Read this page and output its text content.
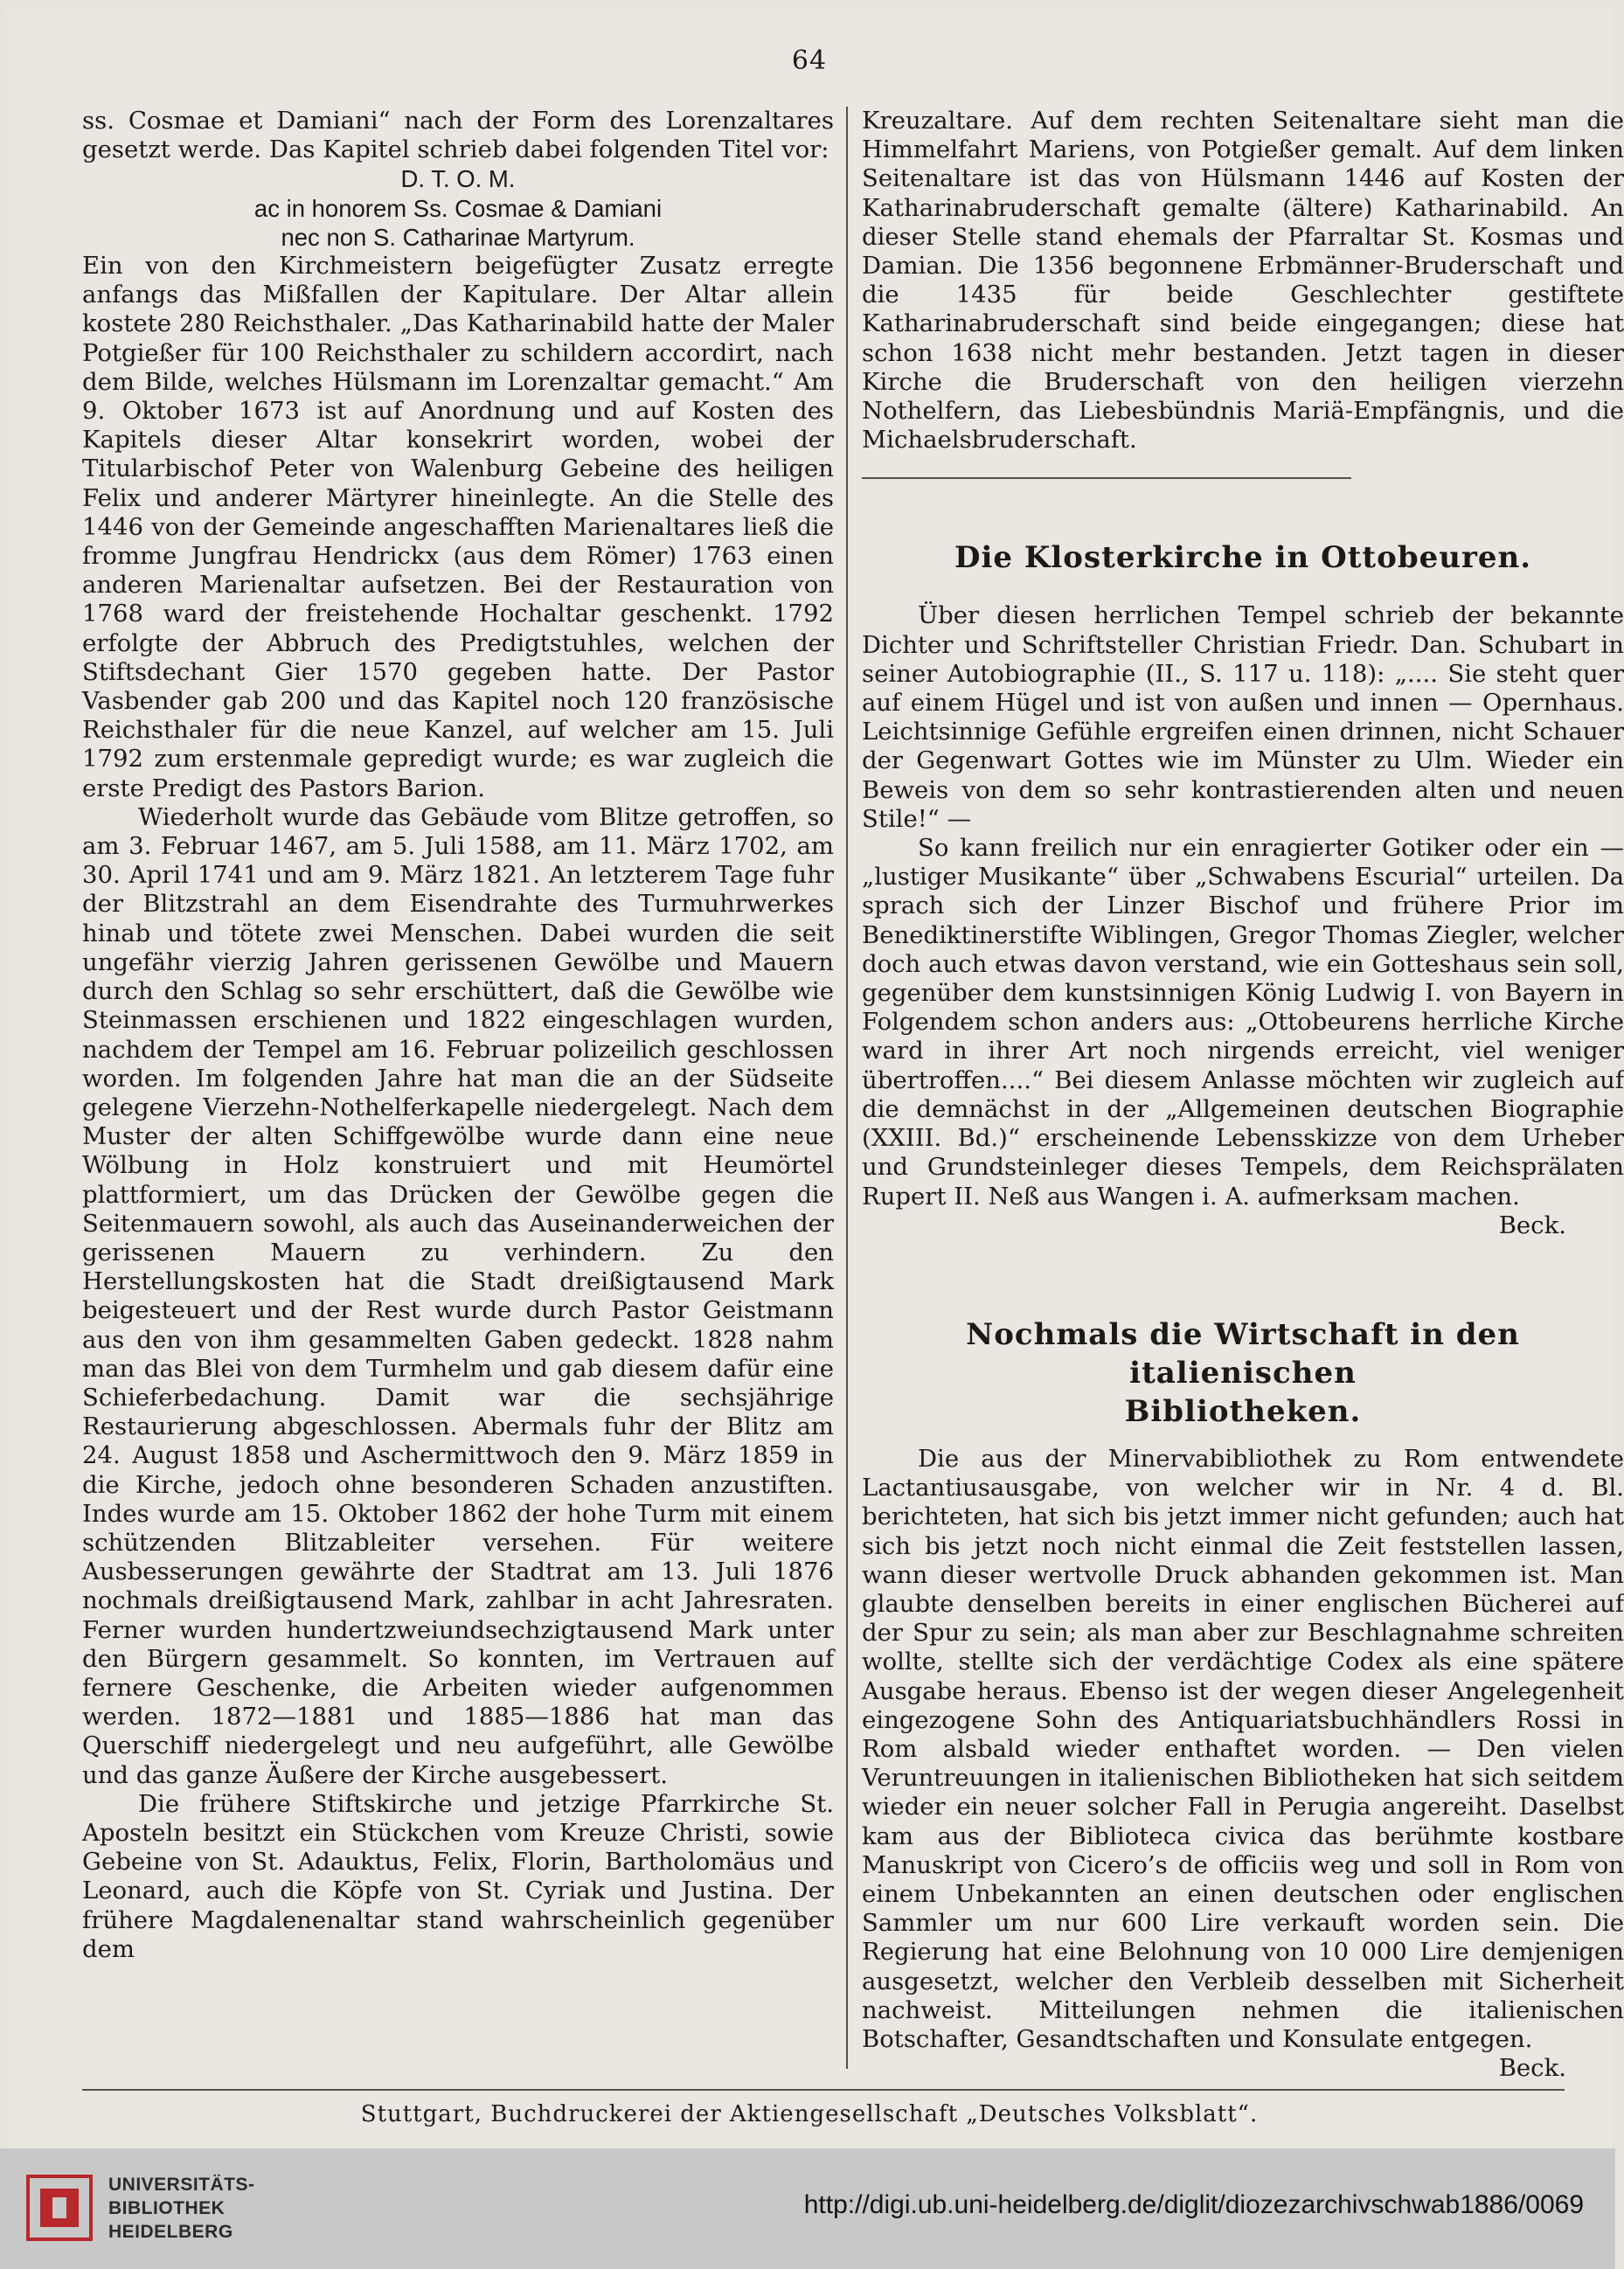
64

ss. Cosmae et Damiani“ nach der Form des Lorenzaltares gesetzt werde. Das Kapitel schrieb dabei folgenden Titel vor:

D. T. O. M.

ac in honorem Ss. Cosmae & Damiani

nec non S. Catharinae Martyrum.

Ein von den Kirchmeistern beigefügter Zusatz erregte anfangs das Mißfallen der Kapitulare. Der Altar allein kostete 280 Reichsthaler. „Das Katharinabild hatte der Maler Potgießer für 100 Reichsthaler zu schildern accordirt, nach dem Bilde, welches Hülsmann im Lorenzaltar gemacht.“ Am 9. Oktober 1673 ist auf Anordnung und auf Kosten des Kapitels dieser Altar konsekrirt worden, wobei der Titularbischof Peter von Walenburg Gebeine des heiligen Felix und anderer Märtyrer hineinlegte. An die Stelle des 1446 von der Gemeinde angeschafften Marienaltares ließ die fromme Jungfrau Hendrickx (aus dem Römer) 1763 einen anderen Marienaltar aufsetzen. Bei der Restauration von 1768 ward der freistehende Hochaltar geschenkt. 1792 erfolgte der Abbruch des Predigtstuhles, welchen der Stiftsdechant Gier 1570 gegeben hatte. Der Pastor Vasbender gab 200 und das Kapitel noch 120 französische Reichsthaler für die neue Kanzel, auf welcher am 15. Juli 1792 zum erstenmale gepredigt wurde; es war zugleich die erste Predigt des Pastors Barion.

Wiederholt wurde das Gebäude vom Blitze getroffen, so am 3. Februar 1467, am 5. Juli 1588, am 11. März 1702, am 30. April 1741 und am 9. März 1821. An letzterem Tage fuhr der Blitzstrahl an dem Eisendrahte des Turmuhrwerkes hinab und tötete zwei Menschen. Dabei wurden die seit ungefähr vierzig Jahren gerissenen Gewölbe und Mauern durch den Schlag so sehr erschüttert, daß die Gewölbe wie Steinmassen erschienen und 1822 eingeschlagen wurden, nachdem der Tempel am 16. Februar polizeilich geschlossen worden. Im folgenden Jahre hat man die an der Südseite gelegene Vierzehn-Nothelferkapelle niedergelegt. Nach dem Muster der alten Schiffgewölbe wurde dann eine neue Wölbung in Holz konstruiert und mit Heumörtel plattformiert, um das Drücken der Gewölbe gegen die Seitenmauern sowohl, als auch das Auseinanderweichen der gerissenen Mauern zu verhindern. Zu den Herstellungskosten hat die Stadt dreißigtausend Mark beigesteuert und der Rest wurde durch Pastor Geistmann aus den von ihm gesammelten Gaben gedeckt. 1828 nahm man das Blei von dem Turmhelm und gab diesem dafür eine Schieferbedachung. Damit war die sechsjährige Restaurierung abgeschlossen. Abermals fuhr der Blitz am 24. August 1858 und Aschermittwoch den 9. März 1859 in die Kirche, jedoch ohne besonderen Schaden anzustiften. Indes wurde am 15. Oktober 1862 der hohe Turm mit einem schützenden Blitzableiter versehen. Für weitere Ausbesserungen gewährte der Stadtrat am 13. Juli 1876 nochmals dreißigtausend Mark, zahlbar in acht Jahresraten. Ferner wurden hundertzweiundsechzigtausend Mark unter den Bürgern gesammelt. So konnten, im Vertrauen auf fernere Geschenke, die Arbeiten wieder aufgenommen werden. 1872—1881 und 1885—1886 hat man das Querschiff niedergelegt und neu aufgeführt, alle Gewölbe und das ganze Äußere der Kirche ausgebessert.

Die frühere Stiftskirche und jetzige Pfarrkirche St. Aposteln besitzt ein Stückchen vom Kreuze Christi, sowie Gebeine von St. Adauktus, Felix, Florin, Bartholomäus und Leonard, auch die Köpfe von St. Cyriak und Justina. Der frühere Magdalenenaltar stand wahrscheinlich gegenüber dem

Kreuzaltare. Auf dem rechten Seitenaltare sieht man die Himmelfahrt Mariens, von Potgießer gemalt. Auf dem linken Seitenaltare ist das von Hülsmann 1446 auf Kosten der Katharinabruderschaft gemalte (ältere) Katharinabild. An dieser Stelle stand ehemals der Pfarraltar St. Kosmas und Damian. Die 1356 begonnene Erbmänner-Bruderschaft und die 1435 für beide Geschlechter gestiftete Katharinabruderschaft sind beide eingegangen; diese hat schon 1638 nicht mehr bestanden. Jetzt tagen in dieser Kirche die Bruderschaft von den heiligen vierzehn Nothelfern, das Liebesbündnis Mariä-Empfängnis, und die Michaelsbruderschaft.

Die Klosterkirche in Ottobeuren.

Über diesen herrlichen Tempel schrieb der bekannte Dichter und Schriftsteller Christian Friedr. Dan. Schubart in seiner Autobiographie (II., S. 117 u. 118): „.... Sie steht quer auf einem Hügel und ist von außen und innen — Opernhaus. Leichtsinnige Gefühle ergreifen einen drinnen, nicht Schauer der Gegenwart Gottes wie im Münster zu Ulm. Wieder ein Beweis von dem so sehr kontrastierenden alten und neuen Stile!“ —

So kann freilich nur ein enragierter Gotiker oder ein — „lustiger Musikante“ über „Schwabens Escurial“ urteilen. Da sprach sich der Linzer Bischof und frühere Prior im Benediktinerstifte Wiblingen, Gregor Thomas Ziegler, welcher doch auch etwas davon verstand, wie ein Gotteshaus sein soll, gegenüber dem kunstsinnigen König Ludwig I. von Bayern in Folgendem schon anders aus: „Ottobeurens herrliche Kirche ward in ihrer Art noch nirgends erreicht, viel weniger übertroffen....“ Bei diesem Anlasse möchten wir zugleich auf die demnächst in der „Allgemeinen deutschen Biographie (XXIII. Bd.)“ erscheinende Lebensskizze von dem Urheber und Grundsteinleger dieses Tempels, dem Reichsprälaten Rupert II. Neß aus Wangen i. A. aufmerksam machen.

Beck.

Nochmals die Wirtschaft in den italienischen
Bibliotheken.

Die aus der Minervabibliothek zu Rom entwendete Lactantiusausgabe, von welcher wir in Nr. 4 d. Bl. berichteten, hat sich bis jetzt immer nicht gefunden; auch hat sich bis jetzt noch nicht einmal die Zeit feststellen lassen, wann dieser wertvolle Druck abhanden gekommen ist. Man glaubte denselben bereits in einer englischen Bücherei auf der Spur zu sein; als man aber zur Beschlagnahme schreiten wollte, stellte sich der verdächtige Codex als eine spätere Ausgabe heraus. Ebenso ist der wegen dieser Angelegenheit eingezogene Sohn des Antiquariatsbuchhändlers Rossi in Rom alsbald wieder enthaftet worden. — Den vielen Veruntreuungen in italienischen Bibliotheken hat sich seitdem wieder ein neuer solcher Fall in Perugia angereiht. Daselbst kam aus der Biblioteca civica das berühmte kostbare Manuskript von Cicero’s de officiis weg und soll in Rom von einem Unbekannten an einen deutschen oder englischen Sammler um nur 600 Lire verkauft worden sein. Die Regierung hat eine Belohnung von 10 000 Lire demjenigen ausgesetzt, welcher den Verbleib desselben mit Sicherheit nachweist. Mitteilungen nehmen die italienischen Botschafter, Gesandtschaften und Konsulate entgegen.

Beck.

Stuttgart, Buchdruckerei der Aktiengesellschaft „Deutsches Volksblatt“.
UNIVERSITÄTS-
BIBLIOTHEK
HEIDELBERG
http://digi.ub.uni-heidelberg.de/diglit/diozezarchivschwab1886/0069
